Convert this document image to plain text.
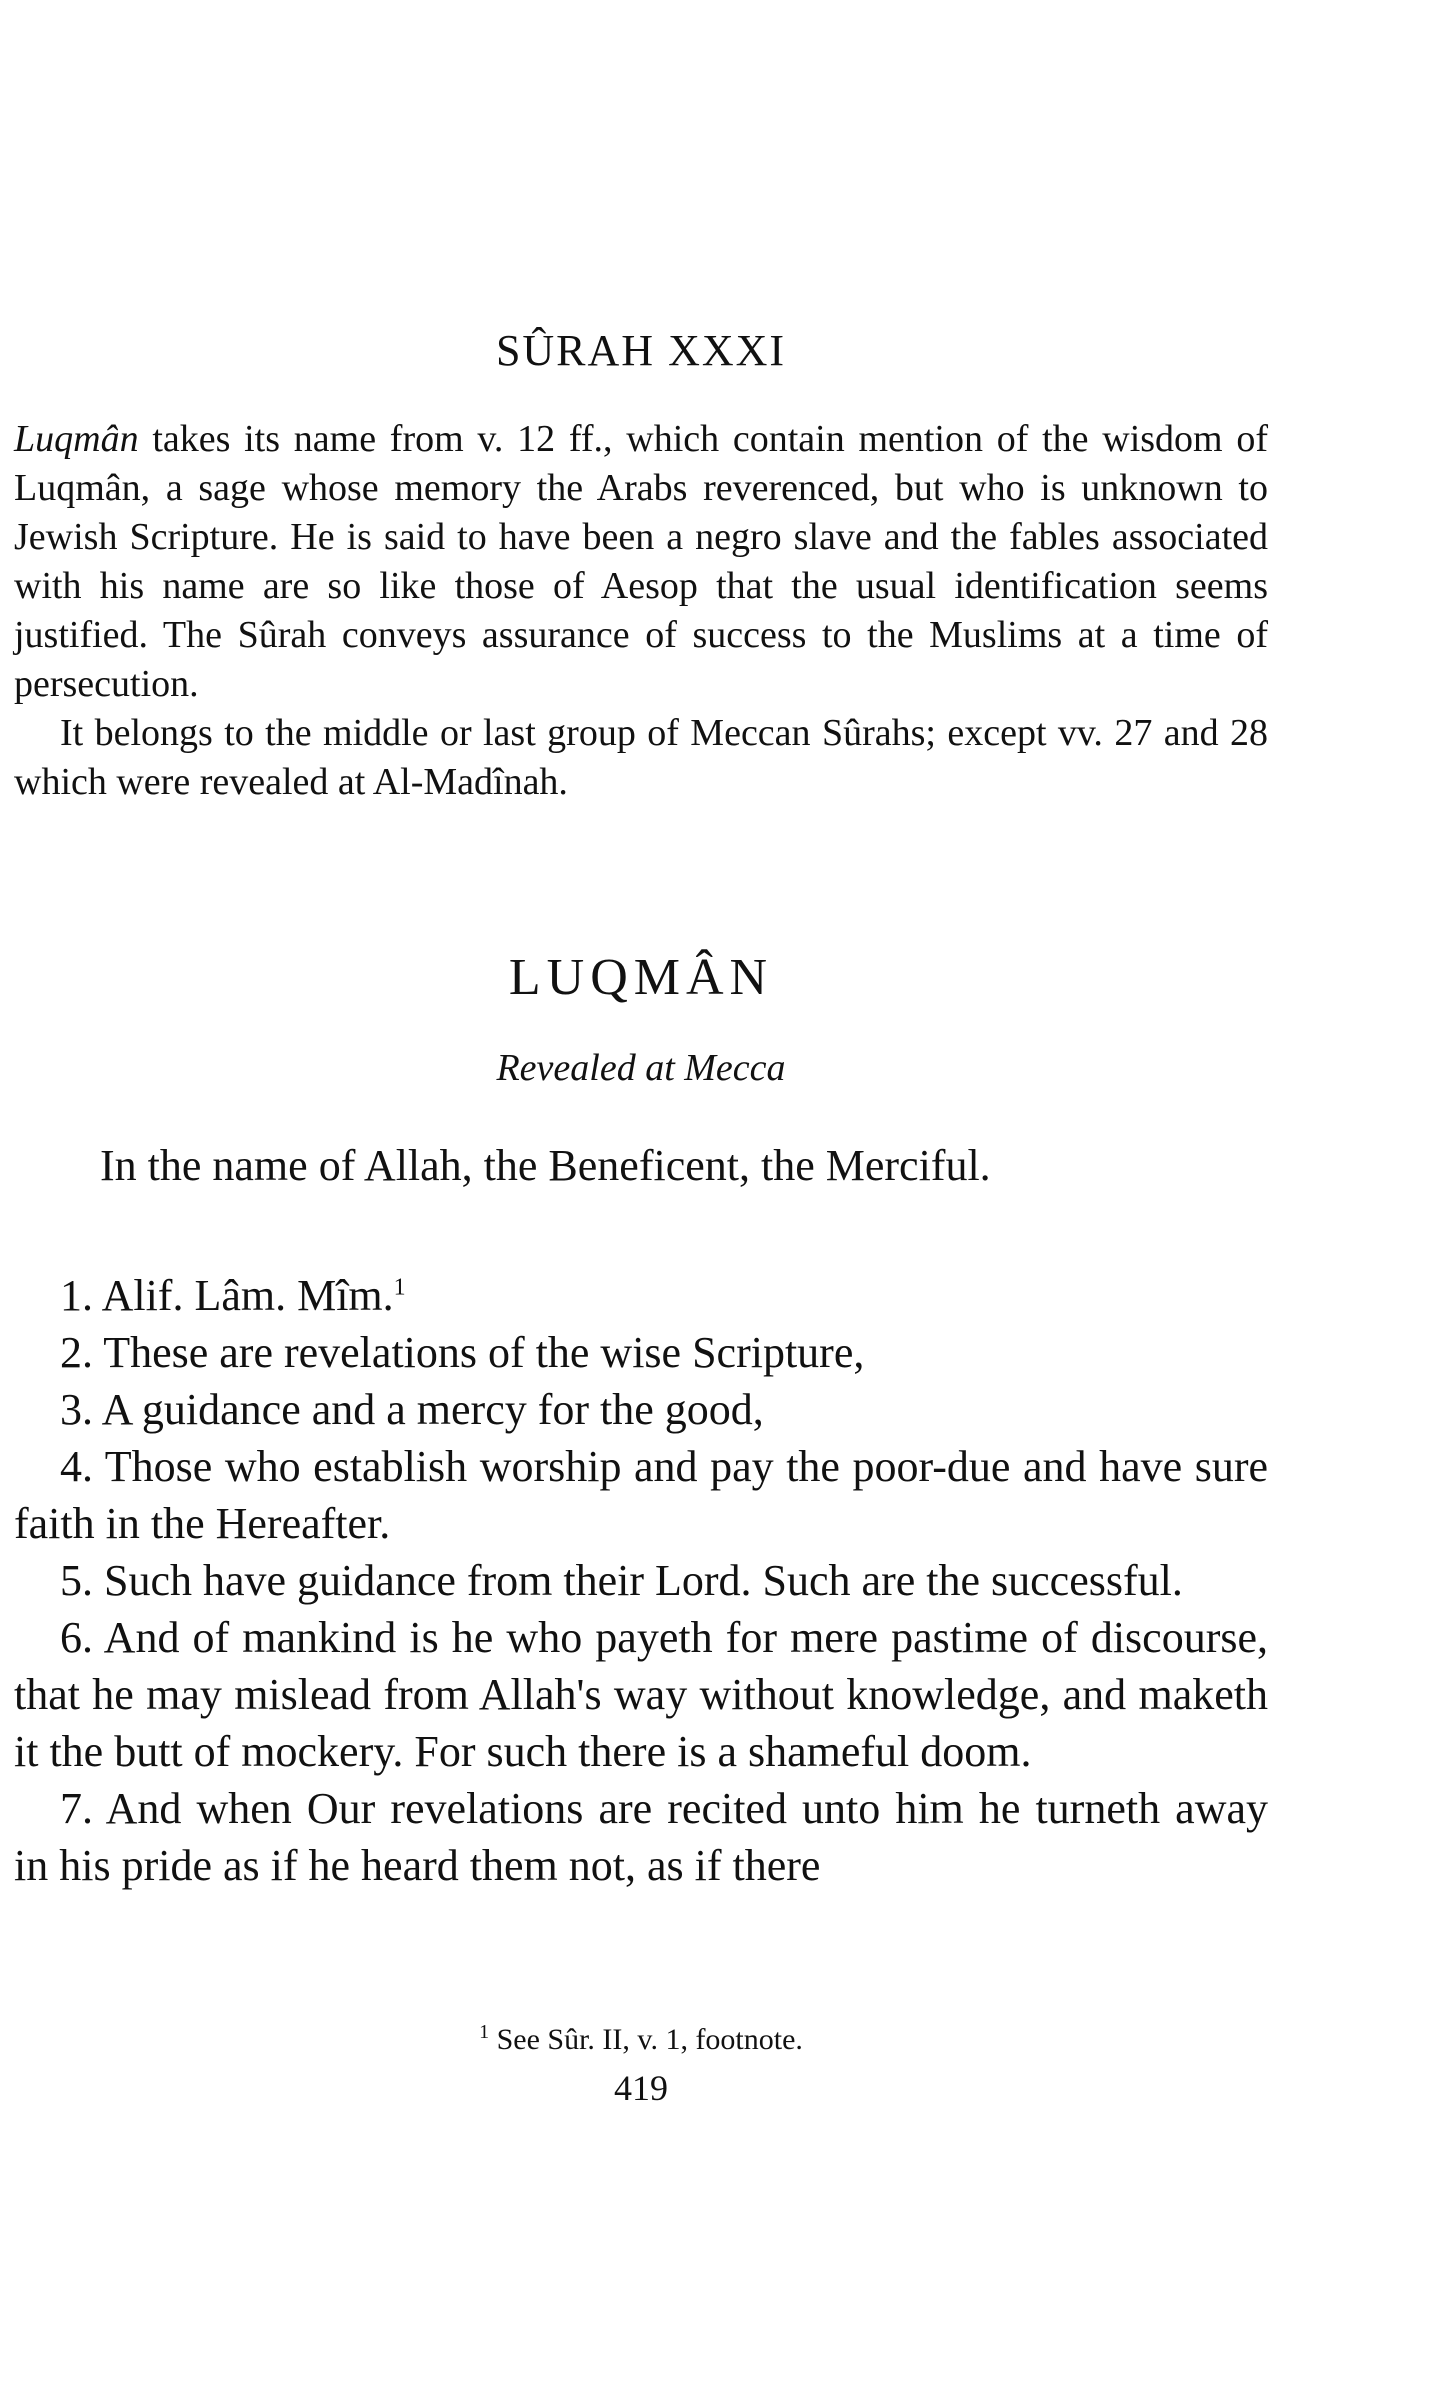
SÛRAH XXXI

Luqmân takes its name from v. 12 ff., which contain mention of the wisdom of Luqmân, a sage whose memory the Arabs reverenced, but who is unknown to Jewish Scripture. He is said to have been a negro slave and the fables associated with his name are so like those of Aesop that the usual identification seems justified. The Sûrah conveys assurance of success to the Muslims at a time of persecution.

It belongs to the middle or last group of Meccan Sûrahs; except vv. 27 and 28 which were revealed at Al-Madînah.

LUQMÂN
Revealed at Mecca
In the name of Allah, the Beneficent, the Merciful.

1. Alif. Lâm. Mîm.$^1$

2. These are revelations of the wise Scripture,

3. A guidance and a mercy for the good,

4. Those who establish worship and pay the poor-due and have sure faith in the Hereafter.

5. Such have guidance from their Lord. Such are the successful.

6. And of mankind is he who payeth for mere pastime of discourse, that he may mislead from Allah's way without knowledge, and maketh it the butt of mockery. For such there is a shameful doom.

7. And when Our revelations are recited unto him he turneth away in his pride as if he heard them not, as if there

$^1$ See Sûr. II, v. 1, footnote.
419
